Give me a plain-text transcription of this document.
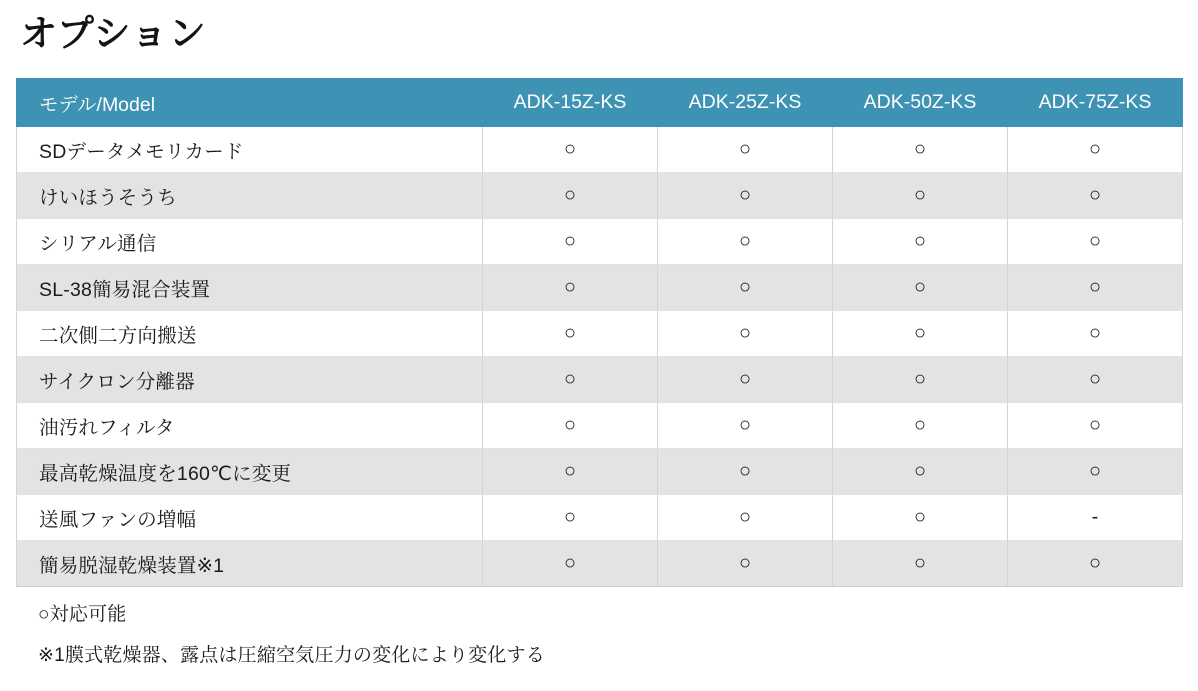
オプション
モデル/Model	ADK-15Z-KS	ADK-25Z-KS	ADK-50Z-KS	ADK-75Z-KS
SDデータメモリカード	○	○	○	○
けいほうそうち	○	○	○	○
シリアル通信	○	○	○	○
SL-38簡易混合装置	○	○	○	○
二次側二方向搬送	○	○	○	○
サイクロン分離器	○	○	○	○
油汚れフィルタ	○	○	○	○
最高乾燥温度を160℃に変更	○	○	○	○
送風ファンの増幅	○	○	○	-
簡易脱湿乾燥装置※1	○	○	○	○
○対応可能
※1膜式乾燥器、露点は圧縮空気圧力の変化により変化する
